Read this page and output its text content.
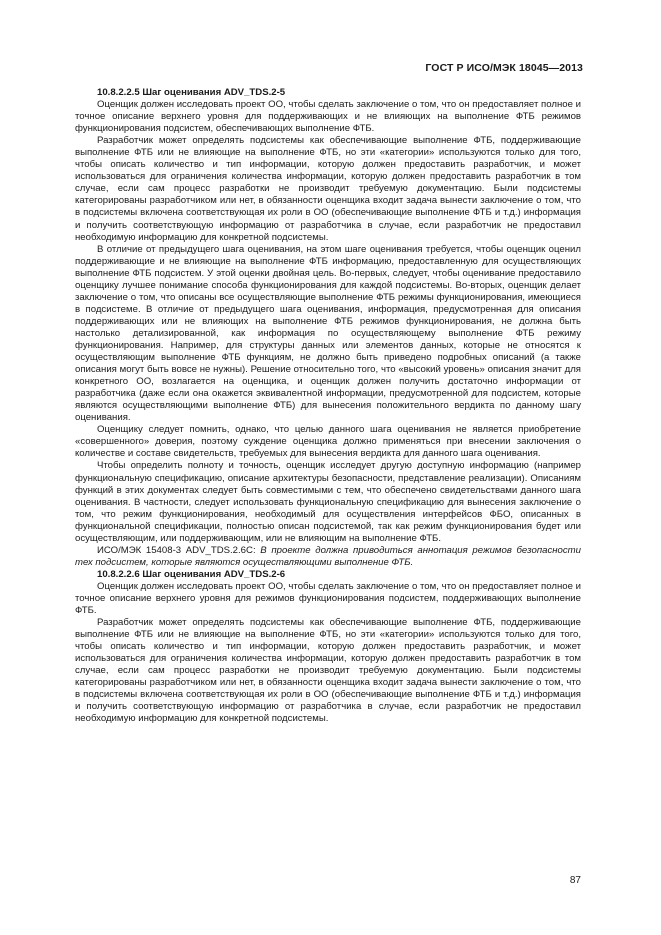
ГОСТ Р ИСО/МЭК 18045—2013
10.8.2.2.5 Шаг оценивания ADV_TDS.2-5

Оценщик должен исследовать проект ОО, чтобы сделать заключение о том, что он предоставляет полное и точное описание верхнего уровня для поддерживающих и не влияющих на выполнение ФТБ режимов функционирования подсистем, обеспечивающих выполнение ФТБ.

Разработчик может определять подсистемы как обеспечивающие выполнение ФТБ, поддерживающие выполнение ФТБ или не влияющие на выполнение ФТБ, но эти «категории» используются только для того, чтобы описать количество и тип информации, которую должен предоставить разработчик, и может использоваться для ограничения количества информации, которую должен предоставить разработчик в том случае, если сам процесс разработки не производит требуемую документацию. Были подсистемы категорированы разработчиком или нет, в обязанности оценщика входит задача вынести заключение о том, что в подсистемы включена соответствующая их роли в ОО (обеспечивающие выполнение ФТБ и т.д.) информация и получить соответствующую информацию от разработчика в случае, если разработчик не предоставил необходимую информацию для конкретной подсистемы.

В отличие от предыдущего шага оценивания, на этом шаге оценивания требуется, чтобы оценщик оценил поддерживающие и не влияющие на выполнение ФТБ информацию, предоставленную для осуществляющих выполнение ФТБ подсистем. У этой оценки двойная цель. Во-первых, следует, чтобы оценивание предоставило оценщику лучшее понимание способа функционирования для каждой подсистемы. Во-вторых, оценщик делает заключение о том, что описаны все осуществляющие выполнение ФТБ режимы функционирования, имеющиеся в подсистеме. В отличие от предыдущего шага оценивания, информация, предусмотренная для описания поддерживающих или не влияющих на выполнение ФТБ режимов функционирования, не должна быть настолько детализированной, как информация по осуществляющему выполнение ФТБ режиму функционирования. Например, для структуры данных или элементов данных, которые не относятся к осуществляющим выполнение ФТБ функциям, не должно быть приведено подробных описаний (а также описания могут быть вовсе не нужны). Решение относительно того, что «высокий уровень» описания значит для конкретного ОО, возлагается на оценщика, и оценщик должен получить достаточно информации от разработчика (даже если она окажется эквивалентной информации, предусмотренной для подсистем, которые являются осуществляющими выполнение ФТБ) для вынесения положительного вердикта по данному шагу оценивания.

Оценщику следует помнить, однако, что целью данного шага оценивания не является приобретение «совершенного» доверия, поэтому суждение оценщика должно применяться при внесении заключения о количестве и составе свидетельств, требуемых для вынесения вердикта для данного шага оценивания.

Чтобы определить полноту и точность, оценщик исследует другую доступную информацию (например функциональную спецификацию, описание архитектуры безопасности, представление реализации). Описаниям функций в этих документах следует быть совместимыми с тем, что обеспечено свидетельствами данного шага оценивания. В частности, следует использовать функциональную спецификацию для вынесения заключение о том, что режим функционирования, необходимый для осуществления интерфейсов ФБО, описанных в функциональной спецификации, полностью описан подсистемой, так как режим функционирования будет или осуществляющим, или поддерживающим, или не влияющим на выполнение ФТБ.

ИСО/МЭК 15408-3 ADV_TDS.2.6C: В проекте должна приводиться аннотация режимов безопасности тех подсистем, которые являются осуществляющими выполнение ФТБ.

10.8.2.2.6 Шаг оценивания ADV_TDS.2-6

Оценщик должен исследовать проект ОО, чтобы сделать заключение о том, что он предоставляет полное и точное описание верхнего уровня для режимов функционирования подсистем, поддерживающих выполнение ФТБ.

Разработчик может определять подсистемы как обеспечивающие выполнение ФТБ, поддерживающие выполнение ФТБ или не влияющие на выполнение ФТБ, но эти «категории» используются только для того, чтобы описать количество и тип информации, которую должен предоставить разработчик, и может использоваться для ограничения количества информации, которую должен предоставить разработчик в том случае, если сам процесс разработки не производит требуемую документацию. Были подсистемы категорированы разработчиком или нет, в обязанности оценщика входит задача вынести заключение о том, что в подсистемы включена соответствующая их роли в ОО (обеспечивающие выполнение ФТБ и т.д.) информация и получить соответствующую информацию от разработчика в случае, если разработчик не предоставил необходимую информацию для конкретной подсистемы.

87
